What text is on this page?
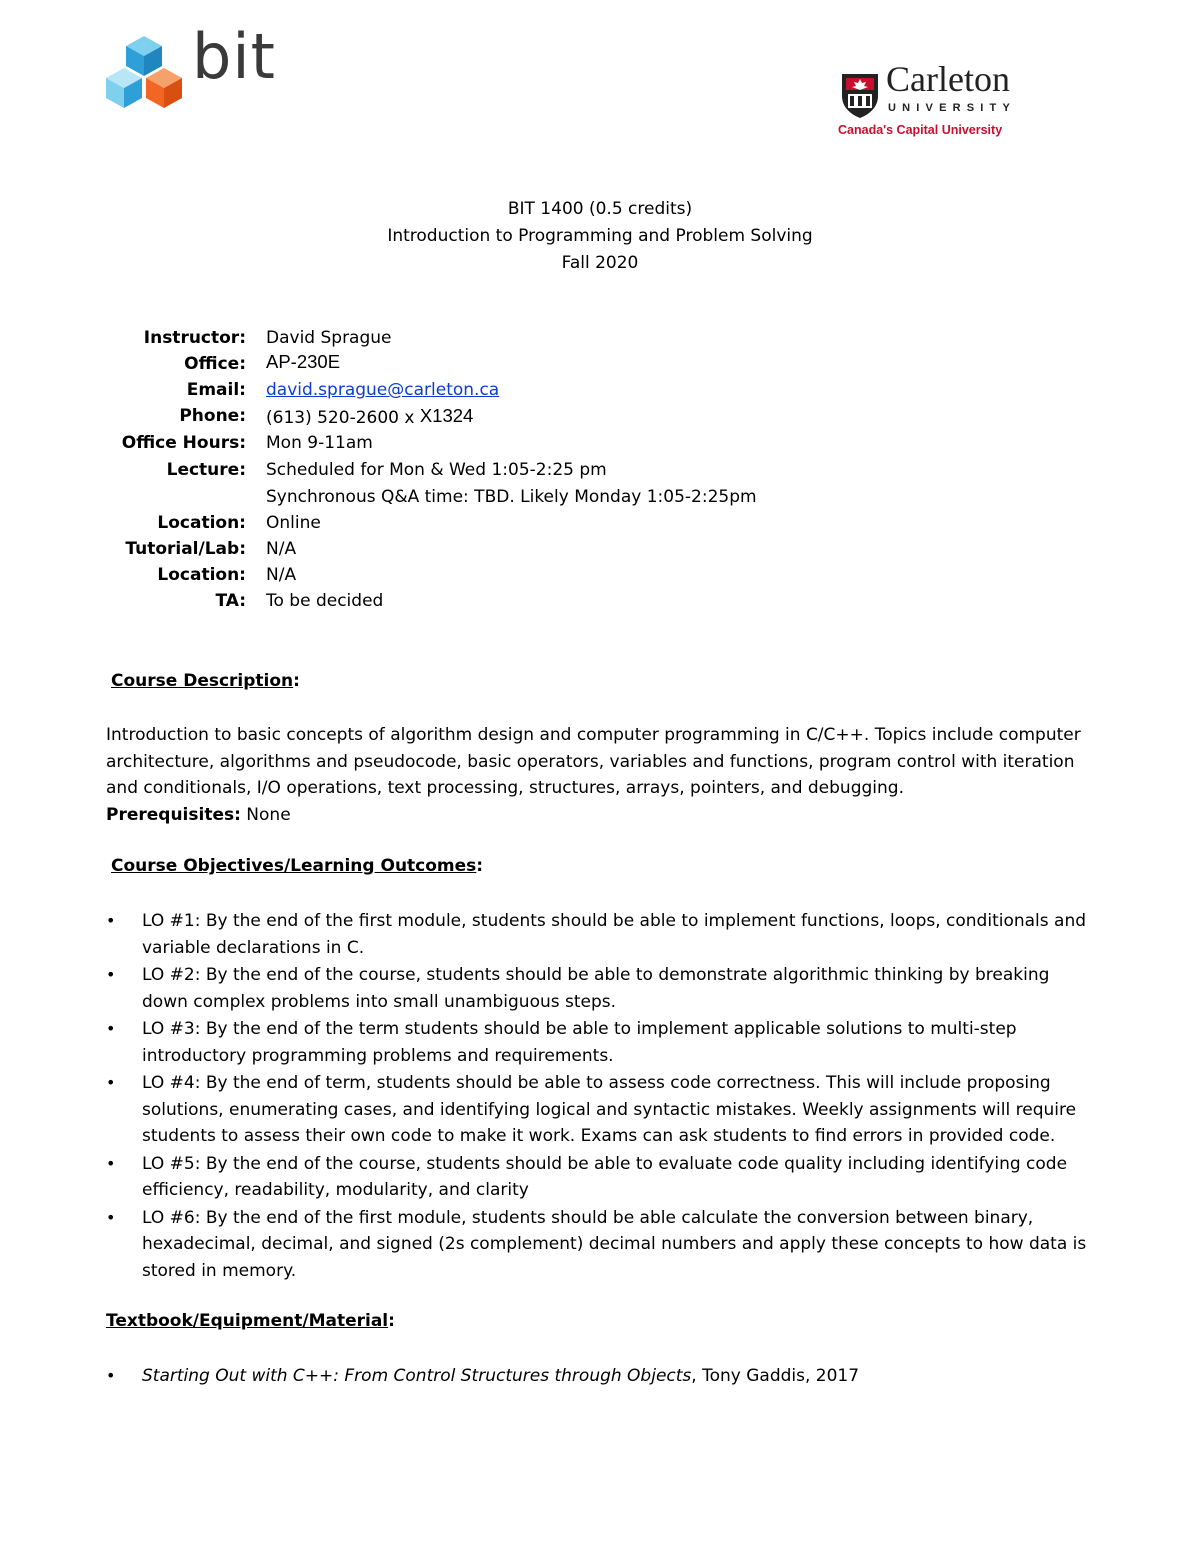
bit	Carleton
UNIVERSITY
Canada's Capital University
BIT 1400 (0.5 credits)
Introduction to Programming and Problem Solving
Fall 2020
Instructor: David Sprague
Office: AP-230E
Email: david.sprague@carleton.ca
Phone: (613) 520-2600 x X1324
Office Hours: Mon 9-11am
Lecture: Scheduled for Mon & Wed 1:05-2:25 pm
Synchronous Q&A time: TBD. Likely Monday 1:05-2:25pm
Location: Online
Tutorial/Lab: N/A
Location: N/A
TA: To be decided
Course Description:

Introduction to basic concepts of algorithm design and computer programming in C/C++. Topics include computer architecture, algorithms and pseudocode, basic operators, variables and functions, program control with iteration and conditionals, I/O operations, text processing, structures, arrays, pointers, and debugging.

Prerequisites: None

Course Objectives/Learning Outcomes:
• LO #1: By the end of the first module, students should be able to implement functions, loops, conditionals and variable declarations in C.
• LO #2: By the end of the course, students should be able to demonstrate algorithmic thinking by breaking down complex problems into small unambiguous steps.
• LO #3: By the end of the term students should be able to implement applicable solutions to multi-step introductory programming problems and requirements.
• LO #4: By the end of term, students should be able to assess code correctness. This will include proposing solutions, enumerating cases, and identifying logical and syntactic mistakes. Weekly assignments will require students to assess their own code to make it work. Exams can ask students to find errors in provided code.
• LO #5: By the end of the course, students should be able to evaluate code quality including identifying code efficiency, readability, modularity, and clarity
• LO #6: By the end of the first module, students should be able calculate the conversion between binary, hexadecimal, decimal, and signed (2s complement) decimal numbers and apply these concepts to how data is stored in memory.
Textbook/Equipment/Material:
• Starting Out with C++: From Control Structures through Objects, Tony Gaddis, 2017
